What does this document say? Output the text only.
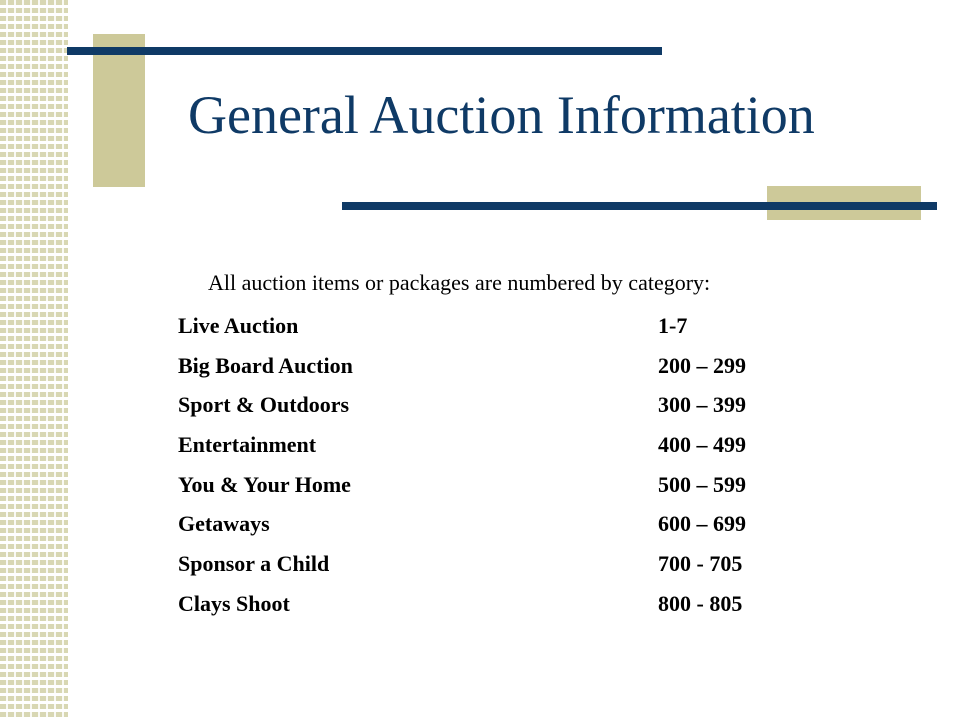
General Auction Information

All auction items or packages are numbered by category:

Live Auction	1-7
Big Board Auction	200 – 299
Sport & Outdoors	300 – 399
Entertainment	400 – 499
You & Your Home	500 – 599
Getaways	600 – 699
Sponsor a Child	700 - 705
Clays Shoot	800 - 805
